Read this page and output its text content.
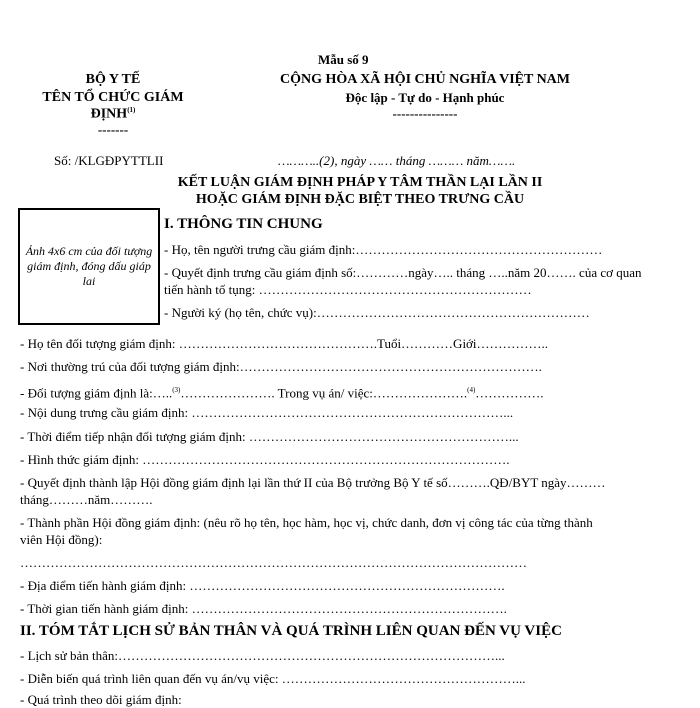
Mẫu số 9
BỘ Y TẾ
TÊN TỔ CHỨC GIÁM
ĐỊNH$^{(1)}$
-------
CỘNG HÒA XÃ HỘI CHỦ NGHĨA VIỆT NAM
Độc lập - Tự do - Hạnh phúc
---------------
Số: /KLGĐPYTTLII	………..(2), ngày …… tháng ……… năm…….
KẾT LUẬN GIÁM ĐỊNH PHÁP Y TÂM THẦN LẠI LẦN II
HOẶC GIÁM ĐỊNH ĐẶC BIỆT THEO TRƯNG CẦU
Ảnh 4x6 cm của đối tượng giám định, đóng dấu giáp lai
I. THÔNG TIN CHUNG
- Họ, tên người trưng cầu giám định:…………………………………………………
- Quyết định trưng cầu giám định số:…………ngày….. tháng …..năm 20……. của cơ quan
tiến hành tố tụng: ………………………………………………………
- Người ký (họ tên, chức vụ):………………………………………………………
- Họ tên đối tượng giám định: ……………………………………….Tuổi…………Giới……………..
- Nơi thường trú của đối tượng giám định:…………………………………………………………….
- Đối tượng giám định là:…..$^{(3)}$…………………. Trong vụ án/ việc:………………….$^{(4)}$…………….
- Nội dung trưng cầu giám định: ………………………………………………………………...
- Thời điểm tiếp nhận đối tượng giám định: ……………………………………………………...
- Hình thức giám định: ………………………………………………………………………….
- Quyết định thành lập Hội đồng giám định lại lần thứ II của Bộ trưởng Bộ Y tế số……….QĐ/BYT ngày………
tháng………năm……….
- Thành phần Hội đồng giám định: (nêu rõ họ tên, học hàm, học vị, chức danh, đơn vị công tác của từng thành
viên Hội đồng):
………………………………………………………………………………………………………
- Địa điểm tiến hành giám định: ……………………………………………………………….
- Thời gian tiến hành giám định: ……………………………………………………………….
II. TÓM TẮT LỊCH SỬ BẢN THÂN VÀ QUÁ TRÌNH LIÊN QUAN ĐẾN VỤ VIỆC
- Lịch sử bản thân:……………………………………………………………………………...
- Diễn biến quá trình liên quan đến vụ án/vụ việc: ………………………………………………...
- Quá trình theo dõi giám định:
